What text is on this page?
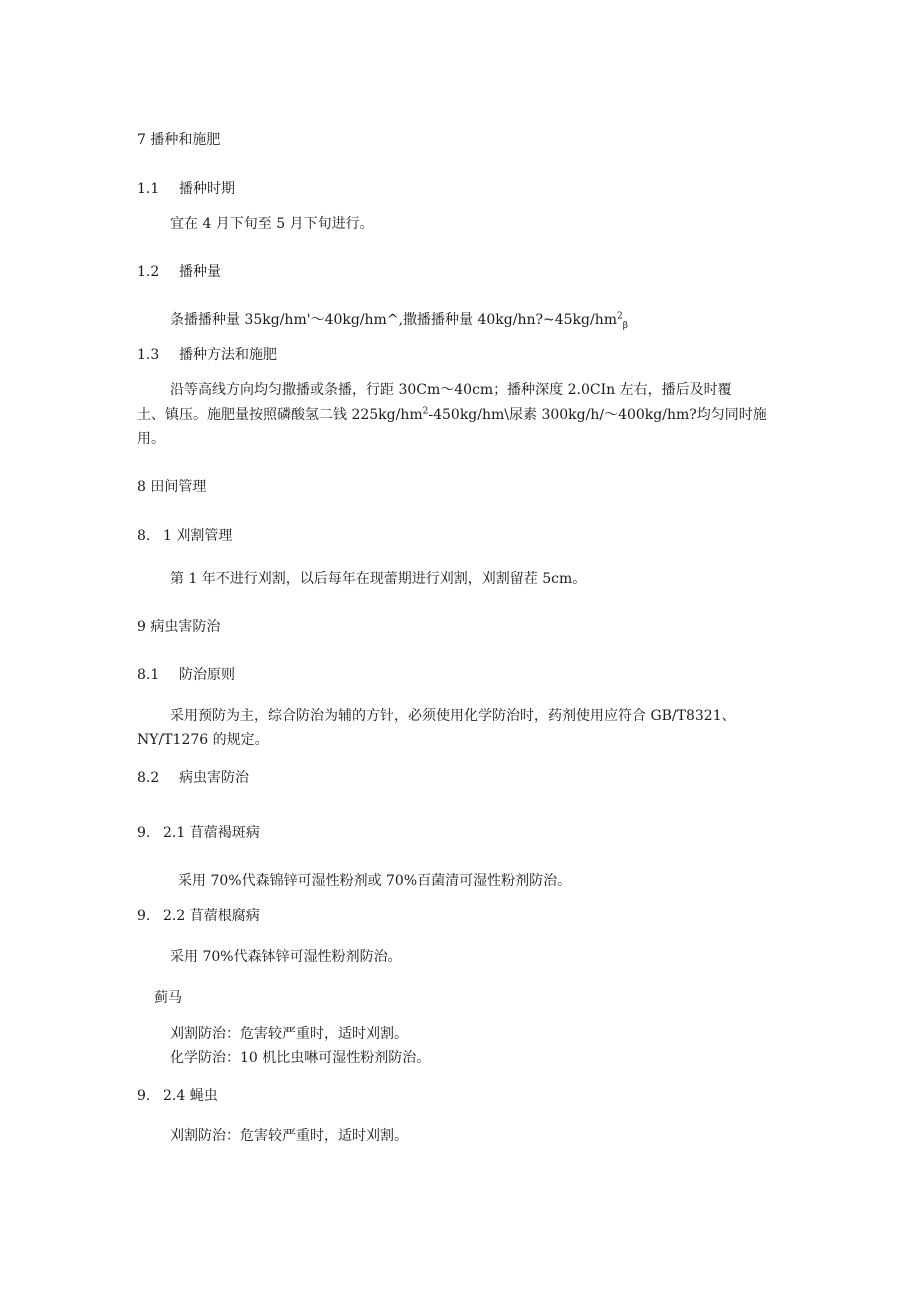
7 播种和施肥
1.1 播种时期
宜在 4 月下旬至 5 月下旬进行。
1.2 播种量
条播播种量 35kg/hm'～40kg/hm^,撒播播种量 $40kg/hn?\sim 45kg/hm^2_\beta$
1.3 播种方法和施肥
沿等高线方向均匀撒播或条播，行距 30Cm～40cm；播种深度 2.0CIn 左右，播后及时覆
土、镇压。施肥量按照磷酸氢二钱 $225kg/hm^2-450kg/hm\backslash$尿素 300kg/h∕～400kg/hm?均匀同时施
用。
8 田间管理
8. 1 刈割管理
第 1 年不进行刈割，以后每年在现蕾期进行刈割，刈割留茬 5cm。
9 病虫害防治
8.1 防治原则
采用预防为主，综合防治为辅的方针，必须使用化学防治时，药剂使用应符合 GB/T8321、
NY/T1276 的规定。
8.2 病虫害防治
9. 2.1 苜蓿褐斑病
采用 70%代森锦锌可湿性粉剂或 70%百菌清可湿性粉剂防治。
9. 2.2 苜蓿根腐病
采用 70%代森钵锌可湿性粉剂防治。
蓟马
刈割防治：危害较严重时，适时刈割。
化学防治：10 机比虫啉可湿性粉剂防治。
9. 2.4 蝇虫
刈割防治：危害较严重时，适时刈割。
